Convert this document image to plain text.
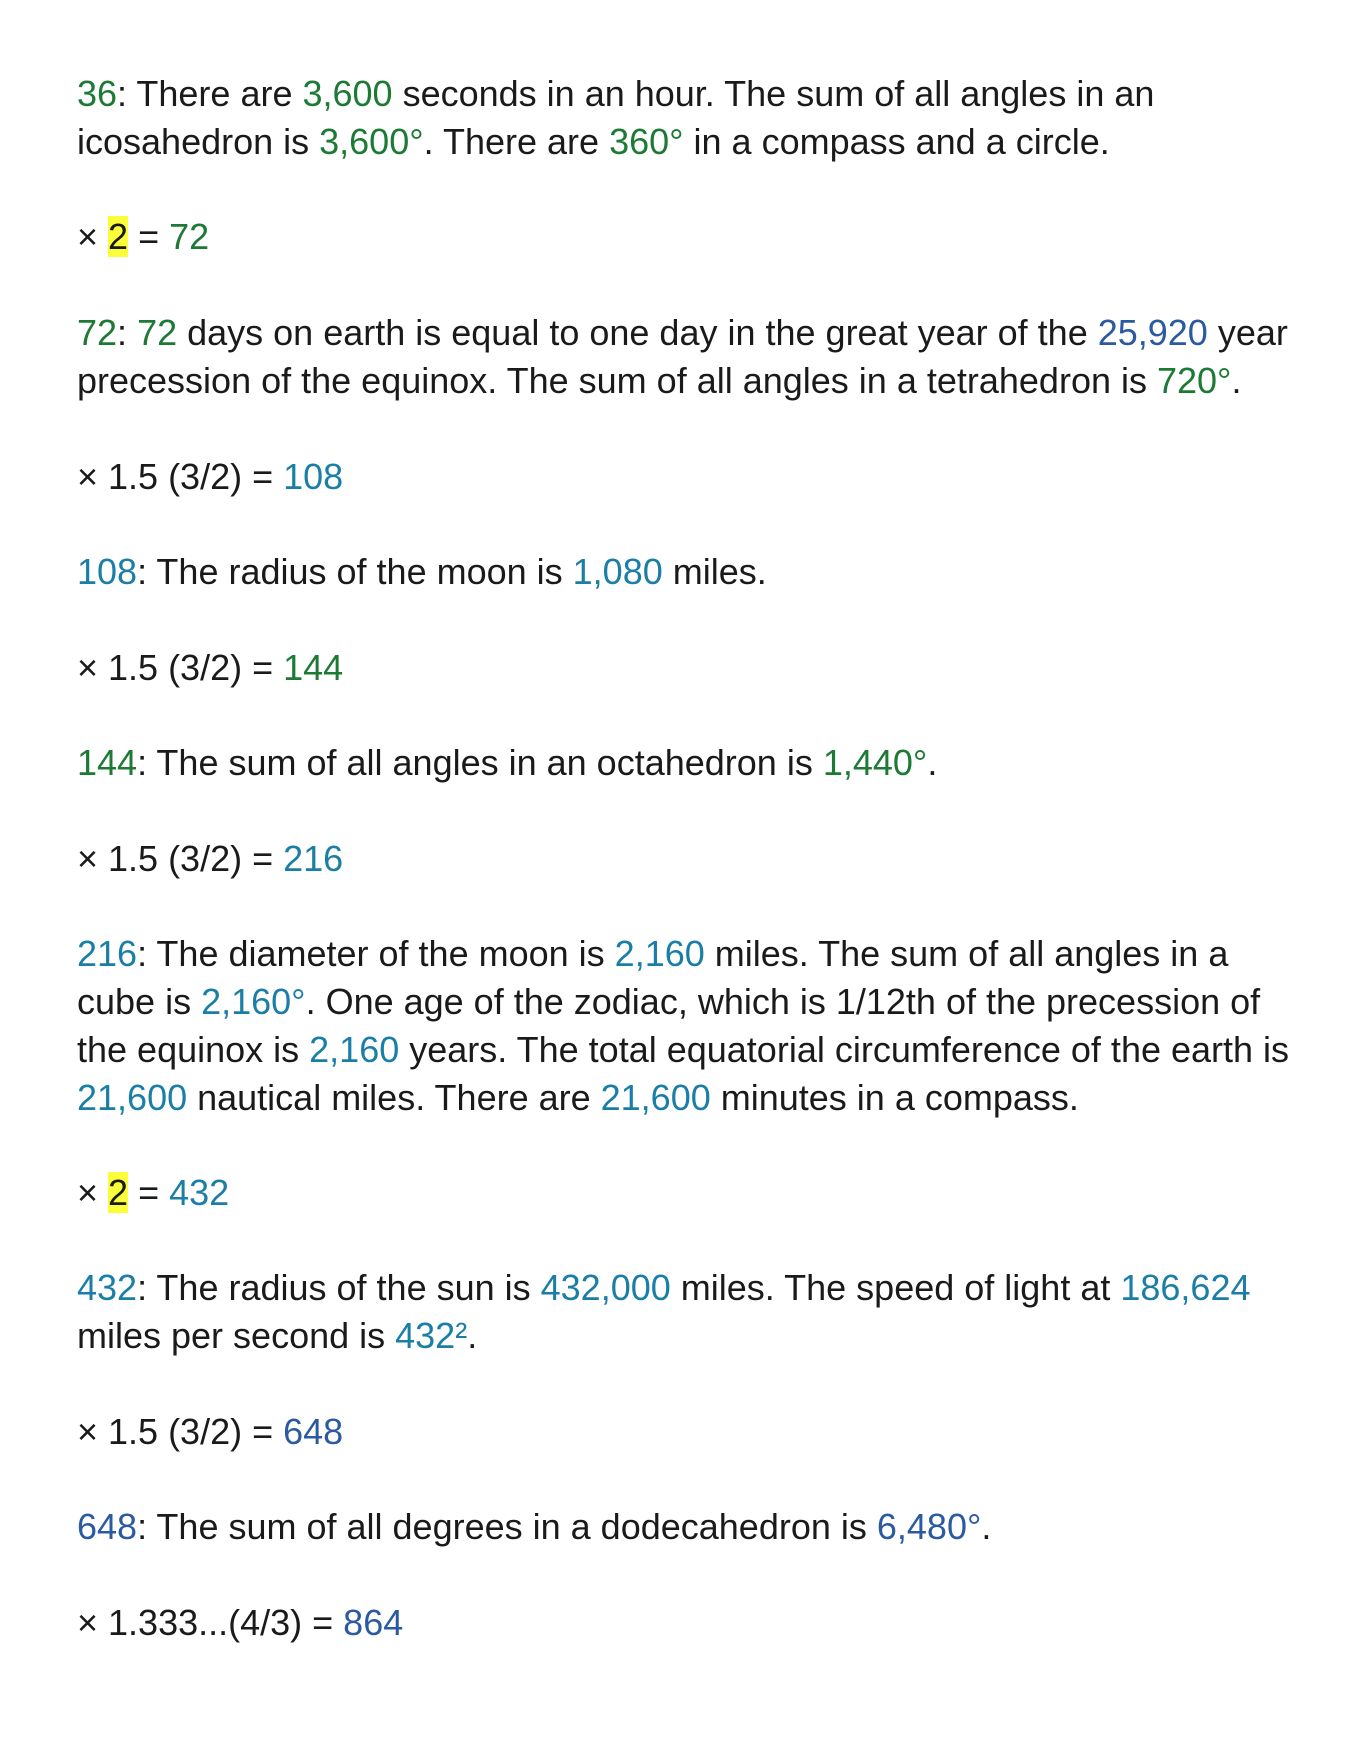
36: There are 3,600 seconds in an hour. The sum of all angles in an icosahedron is 3,600°. There are 360° in a compass and a circle.

× 2 = 72

72: 72 days on earth is equal to one day in the great year of the 25,920 year precession of the equinox. The sum of all angles in a tetrahedron is 720°.

× 1.5 (3/2) = 108

108: The radius of the moon is 1,080 miles.

× 1.5 (3/2) = 144

144: The sum of all angles in an octahedron is 1,440°.

× 1.5 (3/2) = 216

216: The diameter of the moon is 2,160 miles. The sum of all angles in a cube is 2,160°. One age of the zodiac, which is 1/12th of the precession of the equinox is 2,160 years. The total equatorial circumference of the earth is 21,600 nautical miles. There are 21,600 minutes in a compass.

× 2 = 432

432: The radius of the sun is 432,000 miles. The speed of light at 186,624 miles per second is 432².

× 1.5 (3/2) = 648

648: The sum of all degrees in a dodecahedron is 6,480°.

× 1.333...(4/3) = 864
